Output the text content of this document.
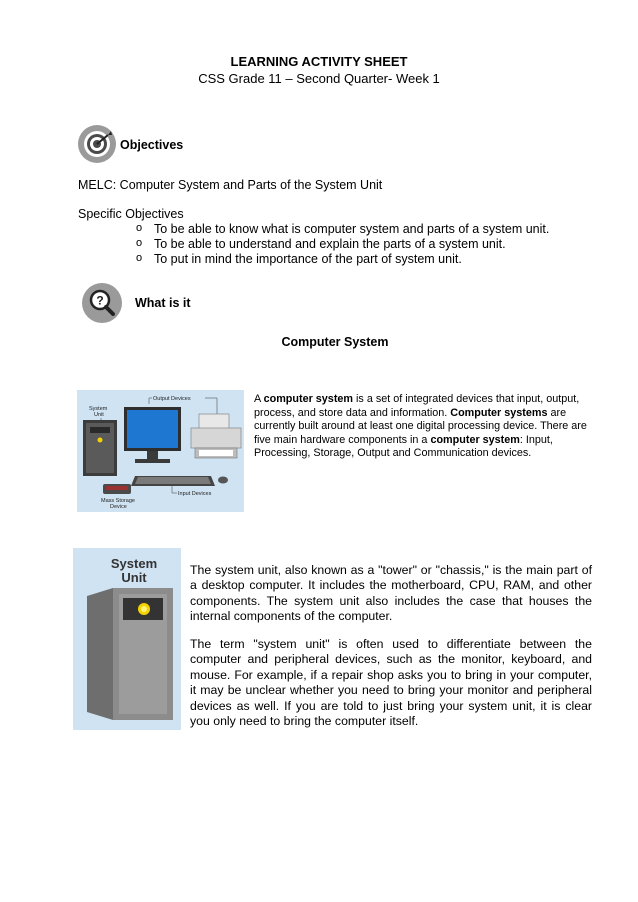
LEARNING ACTIVITY SHEET
CSS Grade 11 – Second Quarter- Week 1
Objectives
MELC: Computer System and Parts of the System Unit
Specific Objectives
o To be able to know what is computer system and parts of a system unit.
o To be able to understand and explain the parts of a system unit.
o To put in mind the importance of the part of system unit.
?	What is it
Computer System
Output Devices
System
Unit
Input Devices
Mass Storage
Device
A computer system is a set of integrated devices that input, output, process, and store data and information. Computer systems are currently built around at least one digital processing device. There are five main hardware components in a computer system: Input, Processing, Storage, Output and Communication devices.
System
Unit	The system unit, also known as a "tower" or "chassis," is the main part of a desktop computer. It includes the motherboard, CPU, RAM, and other components. The system unit also includes the case that houses the internal components of the computer.
The term "system unit" is often used to differentiate between the computer and peripheral devices, such as the monitor, keyboard, and mouse. For example, if a repair shop asks you to bring in your computer, it may be unclear whether you need to bring your monitor and peripheral devices as well. If you are told to just bring your system unit, it is clear you only need to bring the computer itself.
